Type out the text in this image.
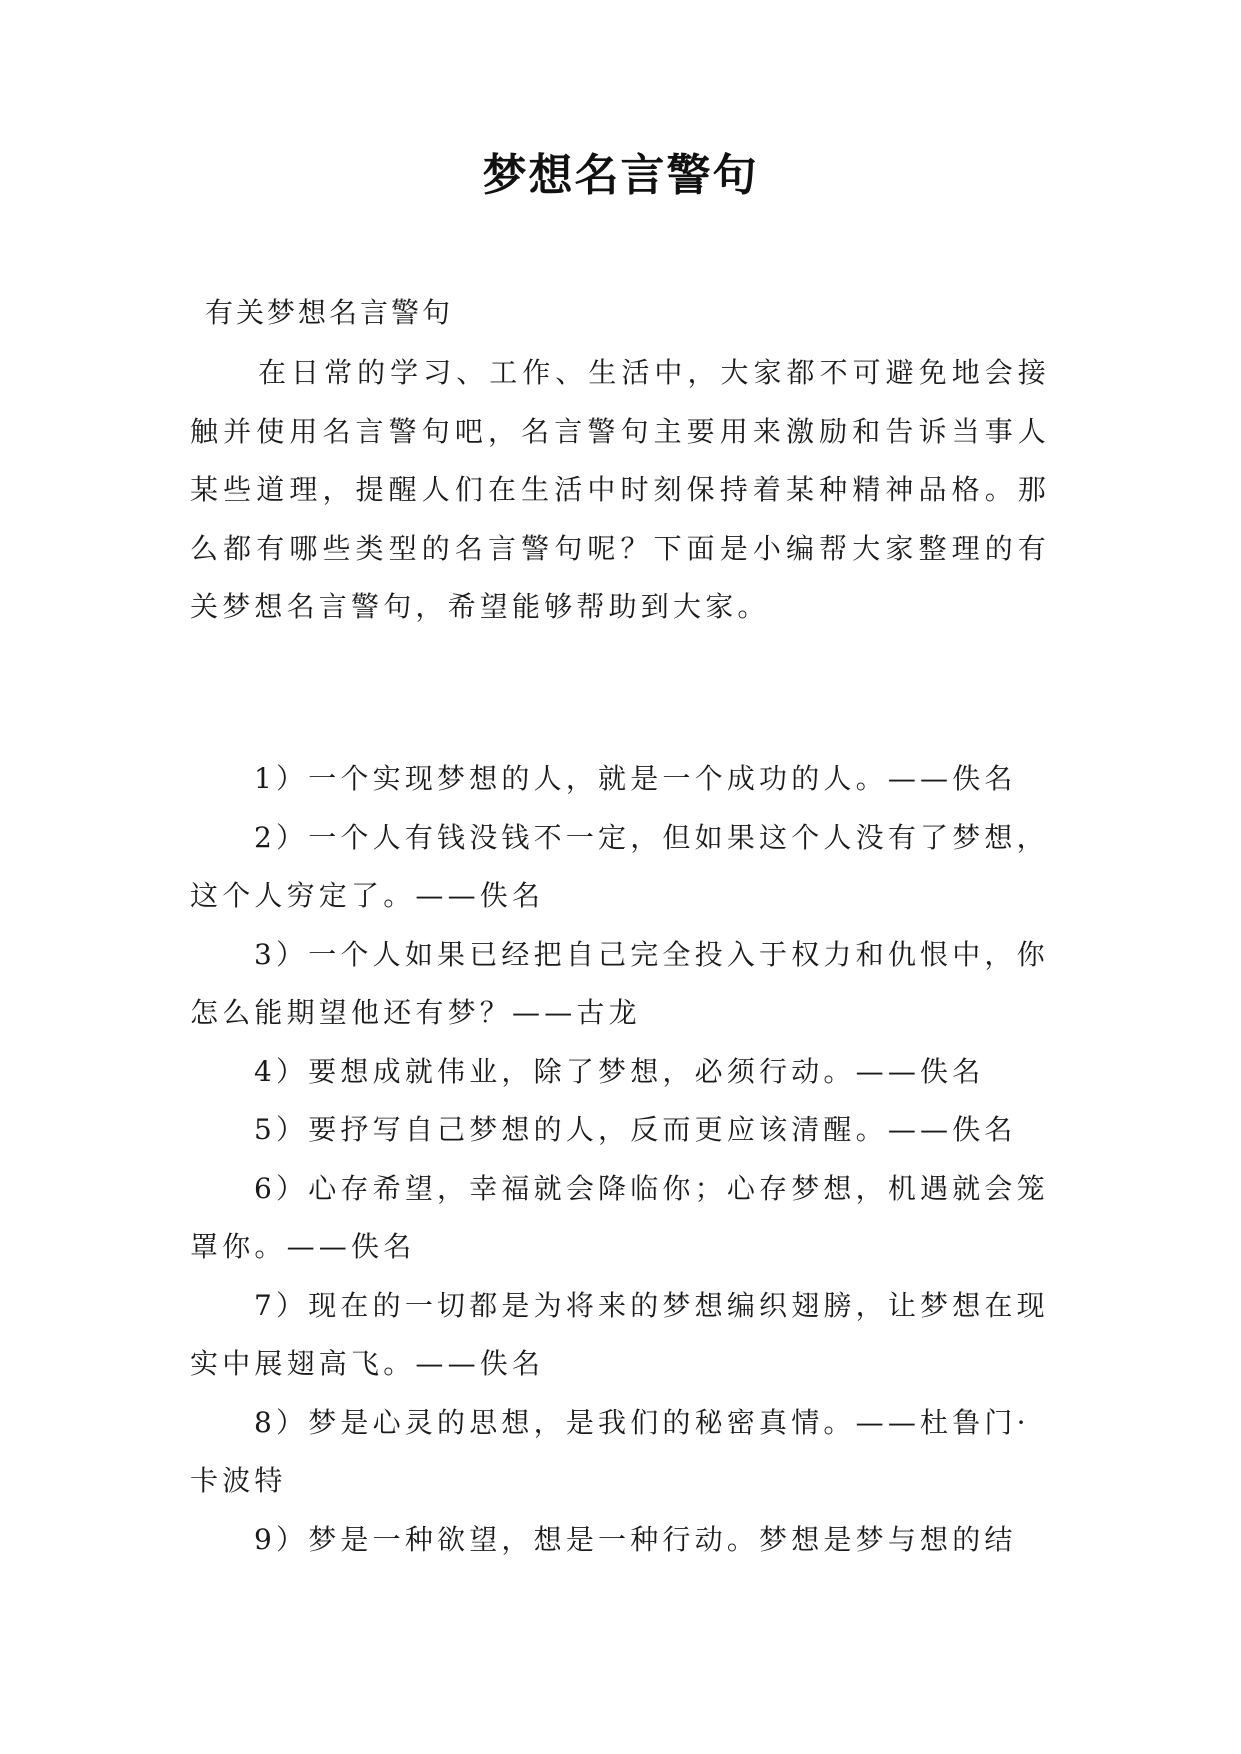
梦想名言警句
有关梦想名言警句

在日常的学习、工作、生活中，大家都不可避免地会接触并使用名言警句吧，名言警句主要用来激励和告诉当事人某些道理，提醒人们在生活中时刻保持着某种精神品格。那么都有哪些类型的名言警句呢？下面是小编帮大家整理的有关梦想名言警句，希望能够帮助到大家。

1）一个实现梦想的人，就是一个成功的人。——佚名
2）一个人有钱没钱不一定，但如果这个人没有了梦想，这个人穷定了。——佚名
3）一个人如果已经把自己完全投入于权力和仇恨中，你怎么能期望他还有梦？——古龙
4）要想成就伟业，除了梦想，必须行动。——佚名
5）要抒写自己梦想的人，反而更应该清醒。——佚名
6）心存希望，幸福就会降临你；心存梦想，机遇就会笼罩你。——佚名
7）现在的一切都是为将来的梦想编织翅膀，让梦想在现实中展翅高飞。——佚名
8）梦是心灵的思想，是我们的秘密真情。——杜鲁门·卡波特
9）梦是一种欲望，想是一种行动。梦想是梦与想的结
